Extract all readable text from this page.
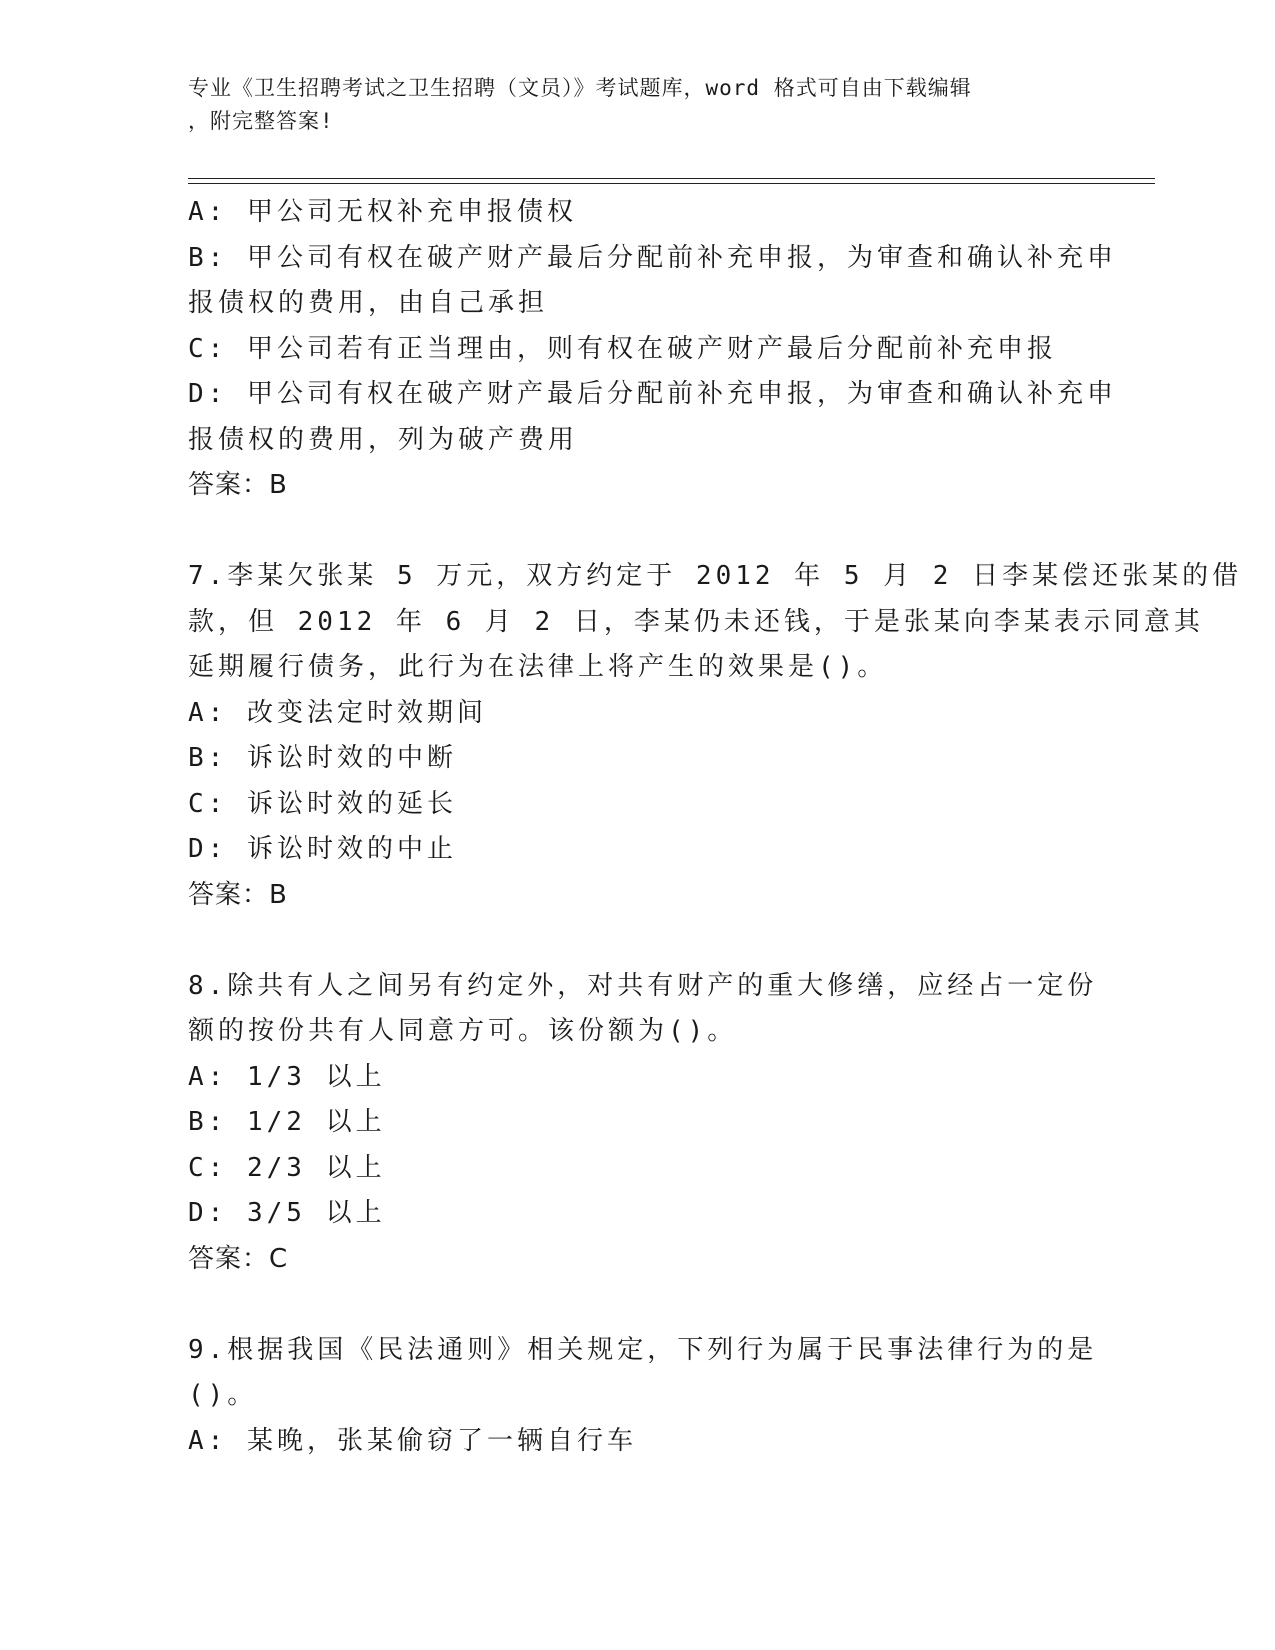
专业《卫生招聘考试之卫生招聘（文员）》考试题库，word 格式可自由下载编辑
，附完整答案!
A: 甲公司无权补充申报债权
B: 甲公司有权在破产财产最后分配前补充申报，为审查和确认补充申
报债权的费用，由自己承担
C: 甲公司若有正当理由，则有权在破产财产最后分配前补充申报
D: 甲公司有权在破产财产最后分配前补充申报，为审查和确认补充申
报债权的费用，列为破产费用
答案：B
7.李某欠张某 5 万元，双方约定于 2012 年 5 月 2 日李某偿还张某的借
款，但 2012 年 6 月 2 日，李某仍未还钱，于是张某向李某表示同意其
延期履行债务，此行为在法律上将产生的效果是()。
A: 改变法定时效期间
B: 诉讼时效的中断
C: 诉讼时效的延长
D: 诉讼时效的中止
答案：B
8.除共有人之间另有约定外，对共有财产的重大修缮，应经占一定份
额的按份共有人同意方可。该份额为()。
A: 1/3 以上
B: 1/2 以上
C: 2/3 以上
D: 3/5 以上
答案：C
9.根据我国《民法通则》相关规定，下列行为属于民事法律行为的是
()。
A: 某晚，张某偷窃了一辆自行车
